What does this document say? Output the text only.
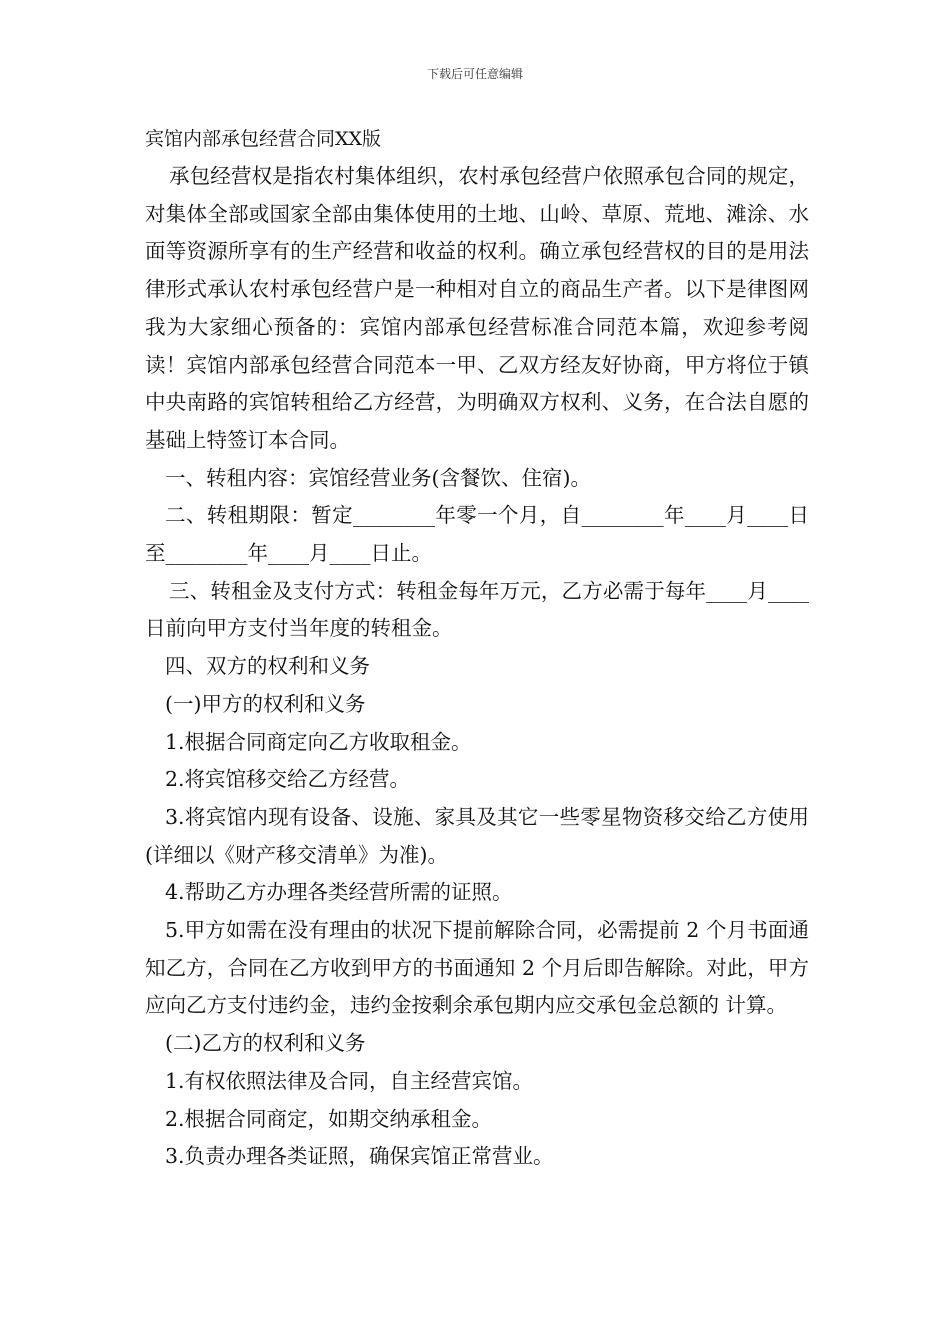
下载后可任意编辑
宾馆内部承包经营合同XX版

承包经营权是指农村集体组织，农村承包经营户依照承包合同的规定，对集体全部或国家全部由集体使用的土地、山岭、草原、荒地、滩涂、水面等资源所享有的生产经营和收益的权利。确立承包经营权的目的是用法律形式承认农村承包经营户是一种相对自立的商品生产者。以下是律图网我为大家细心预备的：宾馆内部承包经营标准合同范本篇，欢迎参考阅读！宾馆内部承包经营合同范本一甲、乙双方经友好协商，甲方将位于镇中央南路的宾馆转租给乙方经营，为明确双方权利、义务，在合法自愿的基础上特签订本合同。

一、转租内容：宾馆经营业务(含餐饮、住宿)。

二、转租期限：暂定________年零一个月，自________年____月____日至________年____月____日止。

三、转租金及支付方式：转租金每年万元，乙方必需于每年____月____日前向甲方支付当年度的转租金。

四、双方的权利和义务

(一)甲方的权利和义务

1.根据合同商定向乙方收取租金。

2.将宾馆移交给乙方经营。

3.将宾馆内现有设备、设施、家具及其它一些零星物资移交给乙方使用(详细以《财产移交清单》为准)。

4.帮助乙方办理各类经营所需的证照。

5.甲方如需在没有理由的状况下提前解除合同，必需提前 2 个月书面通知乙方，合同在乙方收到甲方的书面通知 2 个月后即告解除。对此，甲方应向乙方支付违约金，违约金按剩余承包期内应交承包金总额的 计算。

(二)乙方的权利和义务

1.有权依照法律及合同，自主经营宾馆。

2.根据合同商定，如期交纳承租金。

3.负责办理各类证照，确保宾馆正常营业。
